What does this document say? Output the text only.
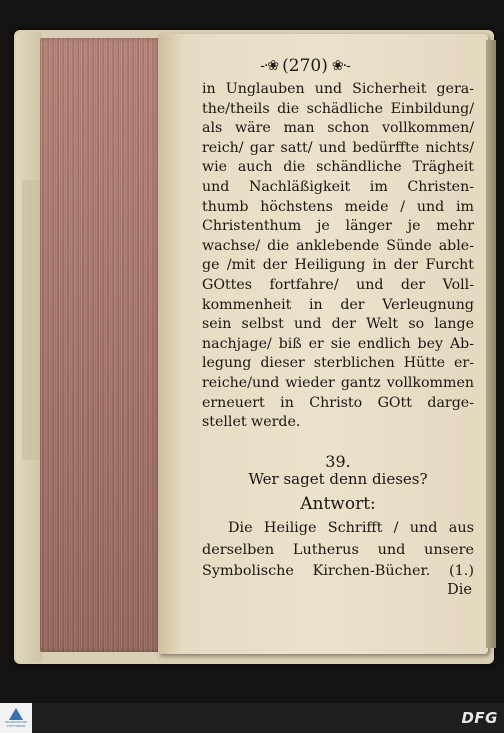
-·❀ (270) ❀·-
in Unglauben und Sicherheit gera-
the/theils die schädliche Einbildung/
als wäre man schon vollkommen/
reich/ gar satt/ und bedürffte nichts/
wie auch die schändliche Trägheit
und Nachläßigkeit im Christen-
thumb höchstens meide / und im
Christenthum je länger je mehr
wachse/ die anklebende Sünde able-
ge /mit der Heiligung in der Furcht
GOttes fortfahre/ und der Voll-
kommenheit in der Verleugnung
sein selbst und der Welt so lange
nachjage/ biß er sie endlich bey Ab-
legung dieser sterblichen Hütte er-
reiche/und wieder gantz vollkommen
erneuert in Christo GOtt darge-
stellet werde.
39.
Wer saget denn dieses?
Antwort:
Die Heilige Schrifft / und aus
derselben Lutherus und unsere
Symbolische Kirchen-Bücher. (1.)
Die
FRANCKESCHE STIFTUNGEN	DFG
